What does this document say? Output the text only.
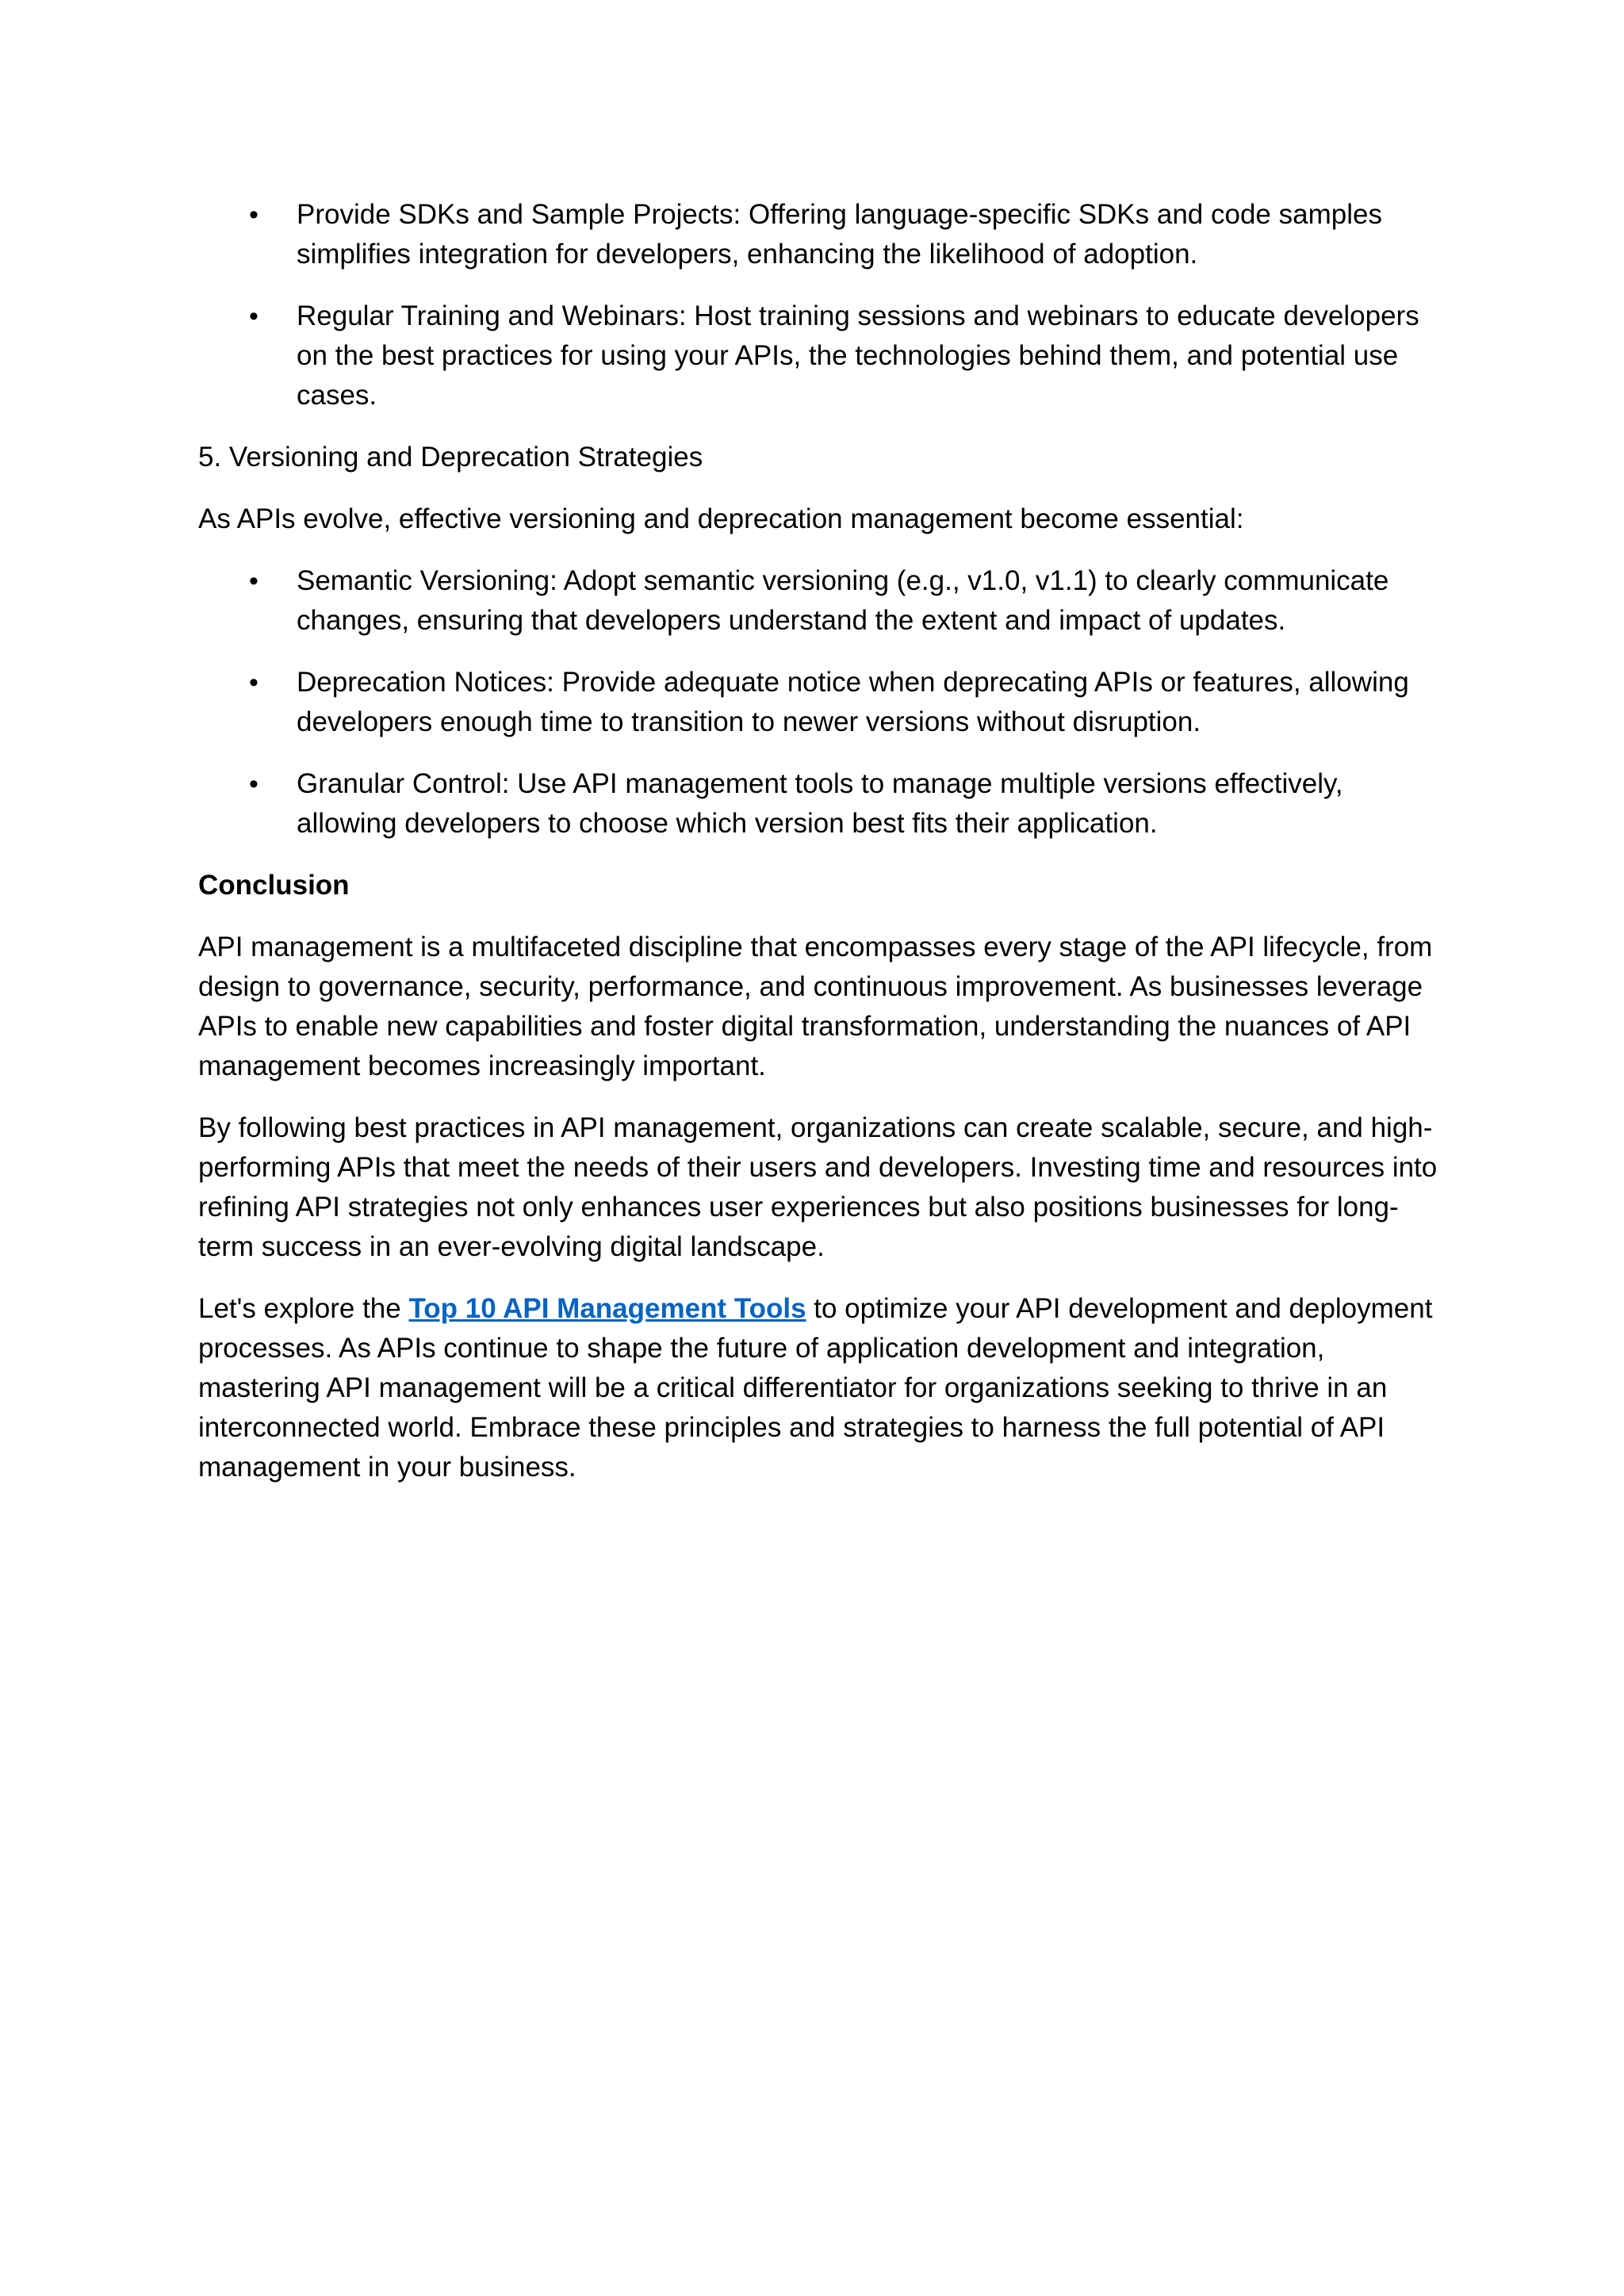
• Provide SDKs and Sample Projects: Offering language-specific SDKs and code samples simplifies integration for developers, enhancing the likelihood of adoption.
• Regular Training and Webinars: Host training sessions and webinars to educate developers on the best practices for using your APIs, the technologies behind them, and potential use cases.

5. Versioning and Deprecation Strategies

As APIs evolve, effective versioning and deprecation management become essential:

• Semantic Versioning: Adopt semantic versioning (e.g., v1.0, v1.1) to clearly communicate changes, ensuring that developers understand the extent and impact of updates.
• Deprecation Notices: Provide adequate notice when deprecating APIs or features, allowing developers enough time to transition to newer versions without disruption.
• Granular Control: Use API management tools to manage multiple versions effectively, allowing developers to choose which version best fits their application.

Conclusion

API management is a multifaceted discipline that encompasses every stage of the API lifecycle, from design to governance, security, performance, and continuous improvement. As businesses leverage APIs to enable new capabilities and foster digital transformation, understanding the nuances of API management becomes increasingly important.

By following best practices in API management, organizations can create scalable, secure, and high-performing APIs that meet the needs of their users and developers. Investing time and resources into refining API strategies not only enhances user experiences but also positions businesses for long-term success in an ever-evolving digital landscape.

Let's explore the Top 10 API Management Tools to optimize your API development and deployment processes. As APIs continue to shape the future of application development and integration, mastering API management will be a critical differentiator for organizations seeking to thrive in an interconnected world. Embrace these principles and strategies to harness the full potential of API management in your business.
